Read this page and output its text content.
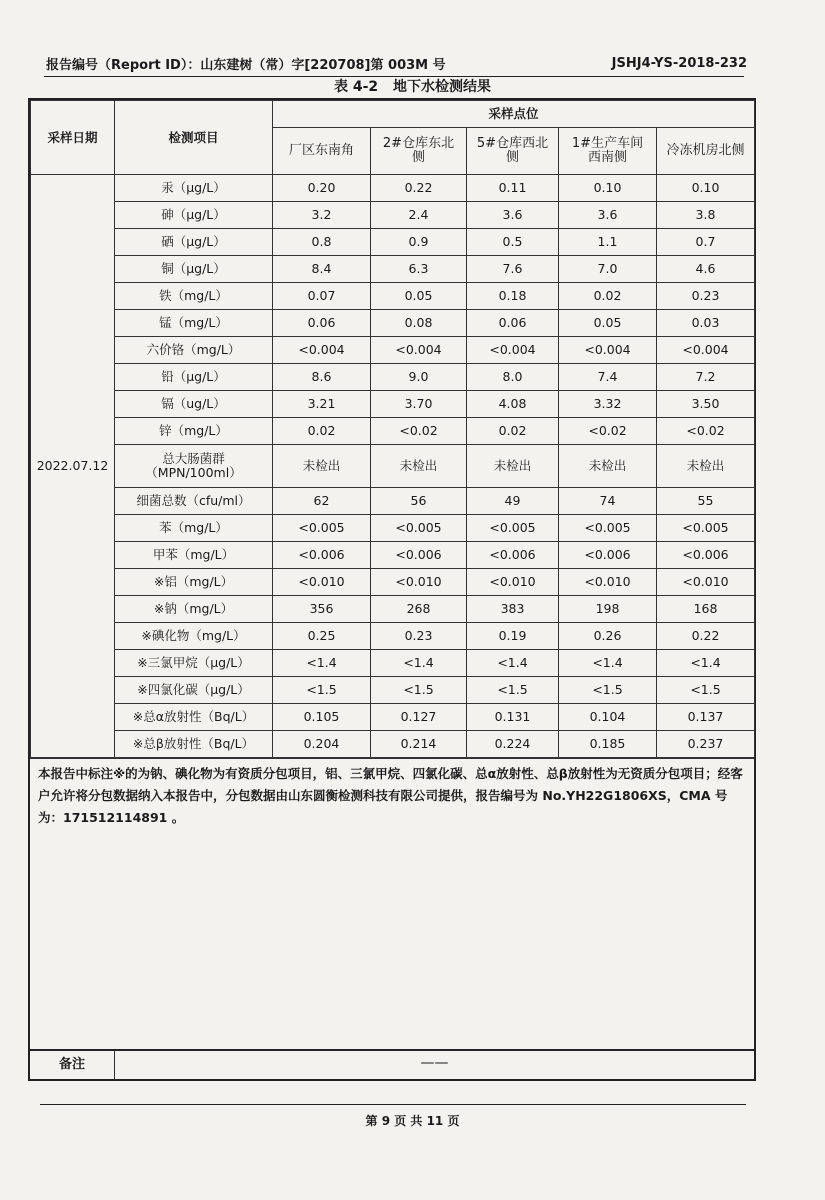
报告编号（Report ID）：山东建树（常）字[220708]第 003M 号	JSHJ4-YS-2018-232
表 4-2 地下水检测结果
采样日期	检测项目	采样点位				
		厂区东南角	2#仓库东北侧	5#仓库西北侧	1#生产车间西南侧	冷冻机房北侧
2022.07.12	汞（μg/L）	0.20	0.22	0.11	0.10	0.10
	砷（μg/L）	3.2	2.4	3.6	3.6	3.8
	硒（μg/L）	0.8	0.9	0.5	1.1	0.7
	铜（μg/L）	8.4	6.3	7.6	7.0	4.6
	铁（mg/L）	0.07	0.05	0.18	0.02	0.23
	锰（mg/L）	0.06	0.08	0.06	0.05	0.03
	六价铬（mg/L）	<0.004	<0.004	<0.004	<0.004	<0.004
	铅（μg/L）	8.6	9.0	8.0	7.4	7.2
	镉（ug/L）	3.21	3.70	4.08	3.32	3.50
	锌（mg/L）	0.02	<0.02	0.02	<0.02	<0.02
	总大肠菌群（MPN/100ml）	未检出	未检出	未检出	未检出	未检出
	细菌总数（cfu/ml）	62	56	49	74	55
	苯（mg/L）	<0.005	<0.005	<0.005	<0.005	<0.005
	甲苯（mg/L）	<0.006	<0.006	<0.006	<0.006	<0.006
	※铝（mg/L）	<0.010	<0.010	<0.010	<0.010	<0.010
	※钠（mg/L）	356	268	383	198	168
	※碘化物（mg/L）	0.25	0.23	0.19	0.26	0.22
	※三氯甲烷（μg/L）	<1.4	<1.4	<1.4	<1.4	<1.4
	※四氯化碳（μg/L）	<1.5	<1.5	<1.5	<1.5	<1.5
	※总α放射性（Bq/L）	0.105	0.127	0.131	0.104	0.137
	※总β放射性（Bq/L）	0.204	0.214	0.224	0.185	0.237
本报告中标注※的为钠、碘化物为有资质分包项目，铝、三氯甲烷、四氯化碳、总α放射性、总β放射性为无资质分包项目；经客户允许将分包数据纳入本报告中，分包数据由山东圆衡检测科技有限公司提供，报告编号为 No.YH22G1806XS，CMA 号为：171512114891 。
备注	——
第 9 页 共 11 页
